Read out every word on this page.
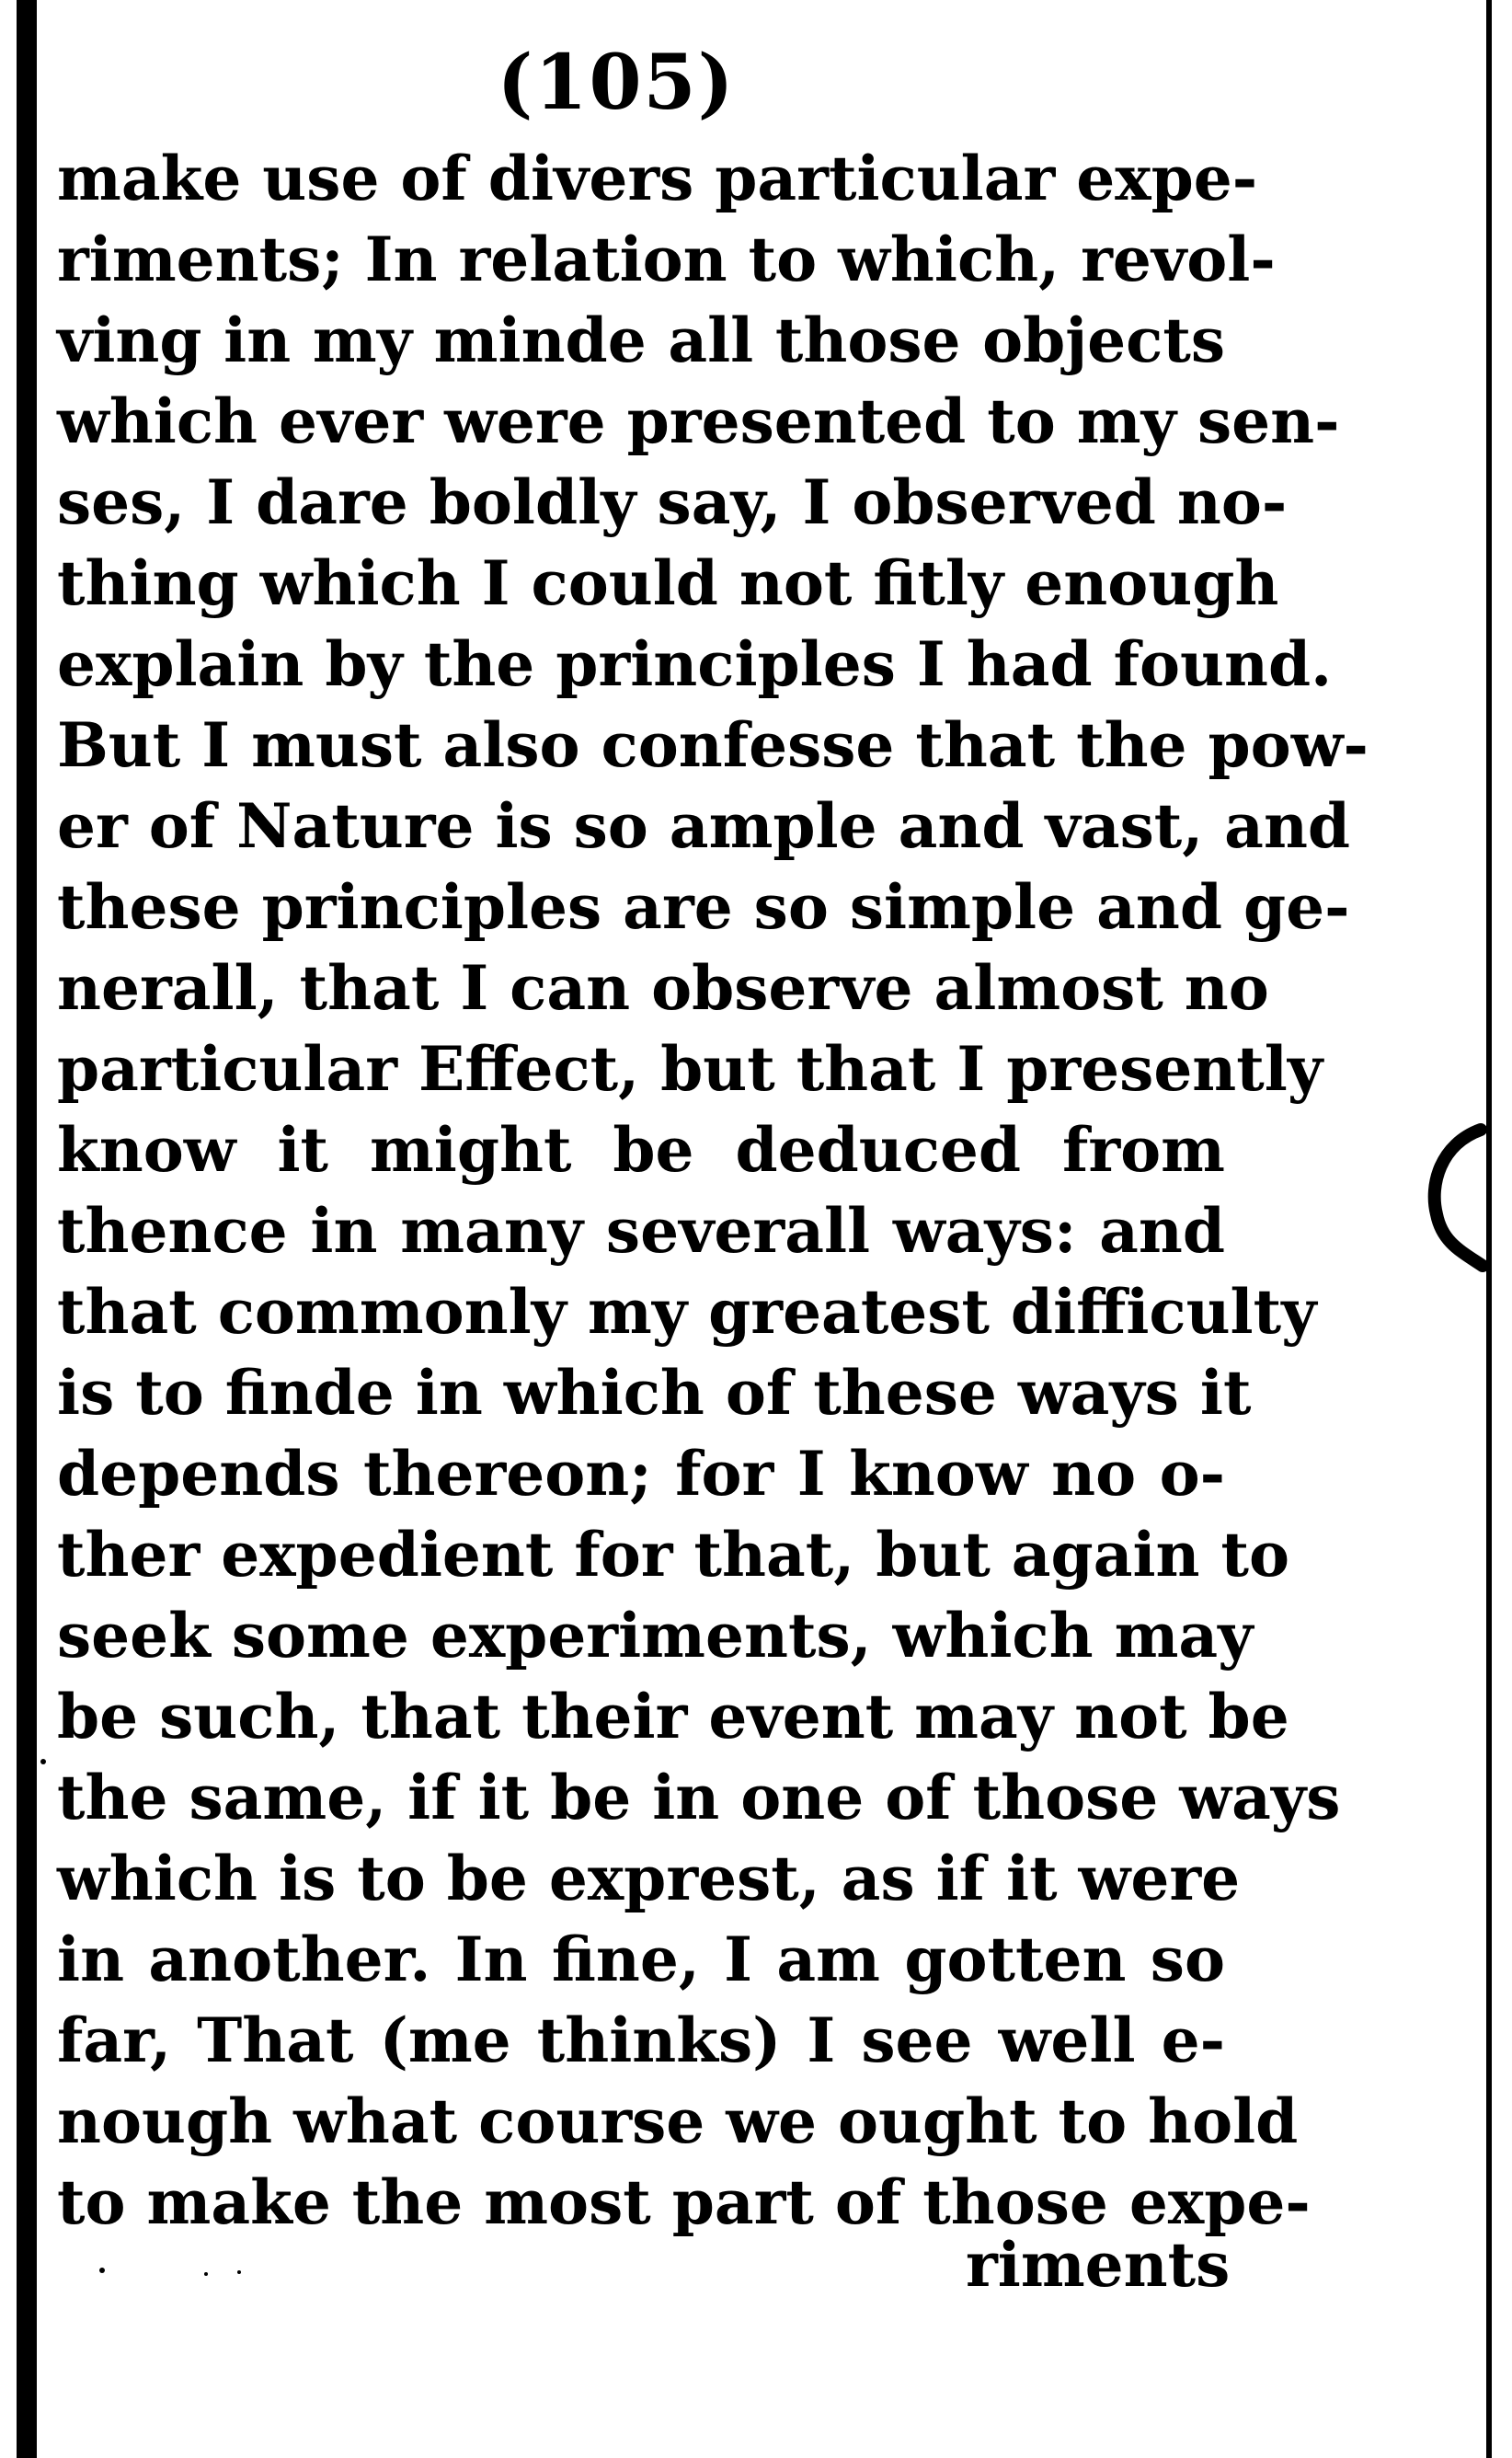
(105)
make use of divers particular expe-
riments; In relation to which, revol-
ving in my minde all those objects
which ever were presented to my sen-
ses, I dare boldly say, I observed no-
thing which I could not fitly enough
explain by the principles I had found.
But I must also confesse that the pow-
er of Nature is so ample and vast, and
these principles are so simple and ge-
nerall, that I can observe almost no
particular Effect, but that I presently
know it might be deduced from
thence in many severall ways: and
that commonly my greatest difficulty
is to finde in which of these ways it
depends thereon; for I know no o-
ther expedient for that, but again to
seek some experiments, which may
be such, that their event may not be
the same, if it be in one of those ways
which is to be exprest, as if it were
in another. In fine, I am gotten so
far, That (me thinks) I see well e-
nough what course we ought to hold
to make the most part of those expe-
riments
